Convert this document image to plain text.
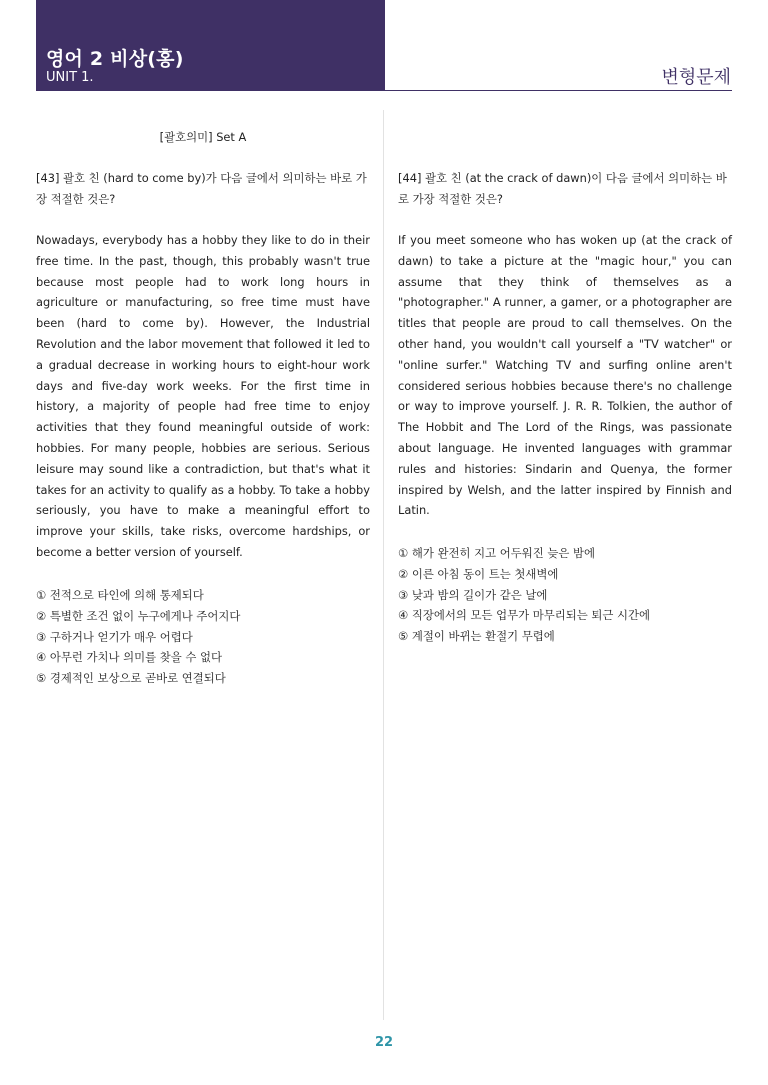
영어 2 비상(홍)
UNIT 1.	변형문제
[괄호의미] Set A
[43] 괄호 친 (hard to come by)가 다음 글에서 의미하는 바로 가장 적절한 것은?
Nowadays, everybody has a hobby they like to do in their free time. In the past, though, this probably wasn't true because most people had to work long hours in agriculture or manufacturing, so free time must have been (hard to come by). However, the Industrial Revolution and the labor movement that followed it led to a gradual decrease in working hours to eight-hour work days and five-day work weeks. For the first time in history, a majority of people had free time to enjoy activities that they found meaningful outside of work: hobbies. For many people, hobbies are serious. Serious leisure may sound like a contradiction, but that's what it takes for an activity to qualify as a hobby. To take a hobby seriously, you have to make a meaningful effort to improve your skills, take risks, overcome hardships, or become a better version of yourself.
① 전적으로 타인에 의해 통제되다
② 특별한 조건 없이 누구에게나 주어지다
③ 구하거나 얻기가 매우 어렵다
④ 아무런 가치나 의미를 찾을 수 없다
⑤ 경제적인 보상으로 곧바로 연결되다
[44] 괄호 친 (at the crack of dawn)이 다음 글에서 의미하는 바로 가장 적절한 것은?
If you meet someone who has woken up (at the crack of dawn) to take a picture at the "magic hour," you can assume that they think of themselves as a "photographer." A runner, a gamer, or a photographer are titles that people are proud to call themselves. On the other hand, you wouldn't call yourself a "TV watcher" or "online surfer." Watching TV and surfing online aren't considered serious hobbies because there's no challenge or way to improve yourself. J. R. R. Tolkien, the author of The Hobbit and The Lord of the Rings, was passionate about language. He invented languages with grammar rules and histories: Sindarin and Quenya, the former inspired by Welsh, and the latter inspired by Finnish and Latin.
① 해가 완전히 지고 어두워진 늦은 밤에
② 이른 아침 동이 트는 첫새벽에
③ 낮과 밤의 길이가 같은 날에
④ 직장에서의 모든 업무가 마무리되는 퇴근 시간에
⑤ 계절이 바뀌는 환절기 무렵에
22
